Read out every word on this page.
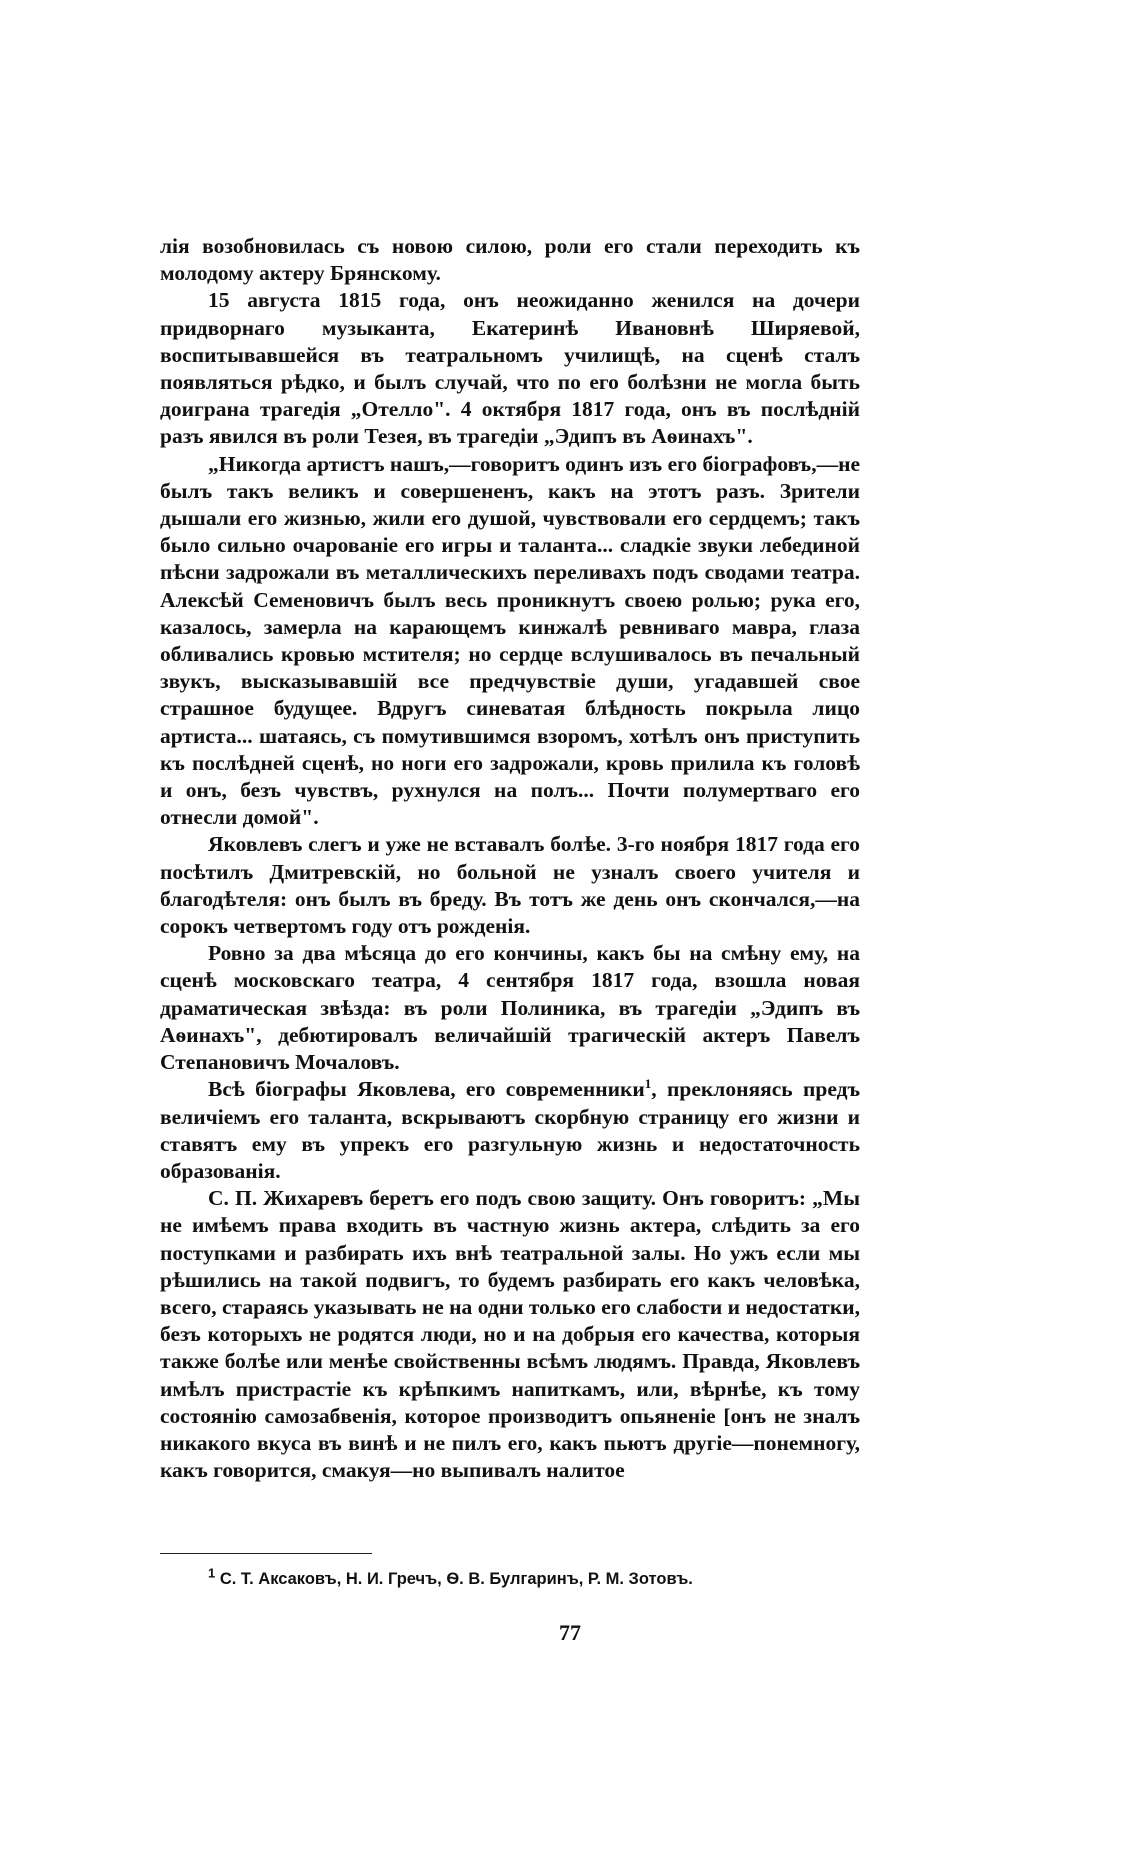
лія возобновилась съ новою силою, роли его стали переходить къ молодому актеру Брянскому.

15 августа 1815 года, онъ неожиданно женился на дочери придворнаго музыканта, Екатеринѣ Ивановнѣ Ширяевой, воспитывавшейся въ театральномъ училищѣ, на сценѣ сталъ появляться рѣдко, и былъ случай, что по его болѣзни не могла быть доиграна трагедія „Отелло". 4 октября 1817 года, онъ въ послѣдній разъ явился въ роли Тезея, въ трагедіи „Эдипъ въ Аѳинахъ".

„Никогда артистъ нашъ,—говоритъ одинъ изъ его біографовъ,—не былъ такъ великъ и совершененъ, какъ на этотъ разъ. Зрители дышали его жизнью, жили его душой, чувствовали его сердцемъ; такъ было сильно очарованіе его игры и таланта... сладкіе звуки лебединой пѣсни задрожали въ металлическихъ переливахъ подъ сводами театра. Алексѣй Семеновичъ былъ весь проникнутъ своею ролью; рука его, казалось, замерла на карающемъ кинжалѣ ревниваго мавра, глаза обливались кровью мстителя; но сердце вслушивалось въ печальный звукъ, высказывавшій все предчувствіе души, угадавшей свое страшное будущее. Вдругъ синеватая блѣдность покрыла лицо артиста... шатаясь, съ помутившимся взоромъ, хотѣлъ онъ приступить къ послѣдней сценѣ, но ноги его задрожали, кровь прилила къ головѣ и онъ, безъ чувствъ, рухнулся на полъ... Почти полумертваго его отнесли домой".

Яковлевъ слегъ и уже не вставалъ болѣе. 3-го ноября 1817 года его посѣтилъ Дмитревскій, но больной не узналъ своего учителя и благодѣтеля: онъ былъ въ бреду. Въ тотъ же день онъ скончался,—на сорокъ четвертомъ году отъ рожденія.

Ровно за два мѣсяца до его кончины, какъ бы на смѣну ему, на сценѣ московскаго театра, 4 сентября 1817 года, взошла новая драматическая звѣзда: въ роли Полиника, въ трагедіи „Эдипъ въ Аѳинахъ", дебютировалъ величайшій трагическій актеръ Павелъ Степановичъ Мочаловъ.

Всѣ біографы Яковлева, его современники$^1$, преклоняясь предъ величіемъ его таланта, вскрываютъ скорбную страницу его жизни и ставятъ ему въ упрекъ его разгульную жизнь и недостаточность образованія.

С. П. Жихаревъ беретъ его подъ свою защиту. Онъ говоритъ: „Мы не имѣемъ права входить въ частную жизнь актера, слѣдить за его поступками и разбирать ихъ внѣ театральной залы. Но ужъ если мы рѣшились на такой подвигъ, то будемъ разбирать его какъ человѣка, всего, стараясь указывать не на одни только его слабости и недостатки, безъ которыхъ не родятся люди, но и на добрыя его качества, которыя также болѣе или менѣе свойственны всѣмъ людямъ. Правда, Яковлевъ имѣлъ пристрастіе къ крѣпкимъ напиткамъ, или, вѣрнѣе, къ тому состоянію самозабвенія, которое производитъ опьяненіе [онъ не зналъ никакого вкуса въ винѣ и не пилъ его, какъ пьютъ другіе—понемногу, какъ говорится, смакуя—но выпивалъ налитое

$^1$ С. Т. Аксаковъ, Н. И. Гречъ, Ѳ. В. Булгаринъ, Р. М. Зотовъ.
77
